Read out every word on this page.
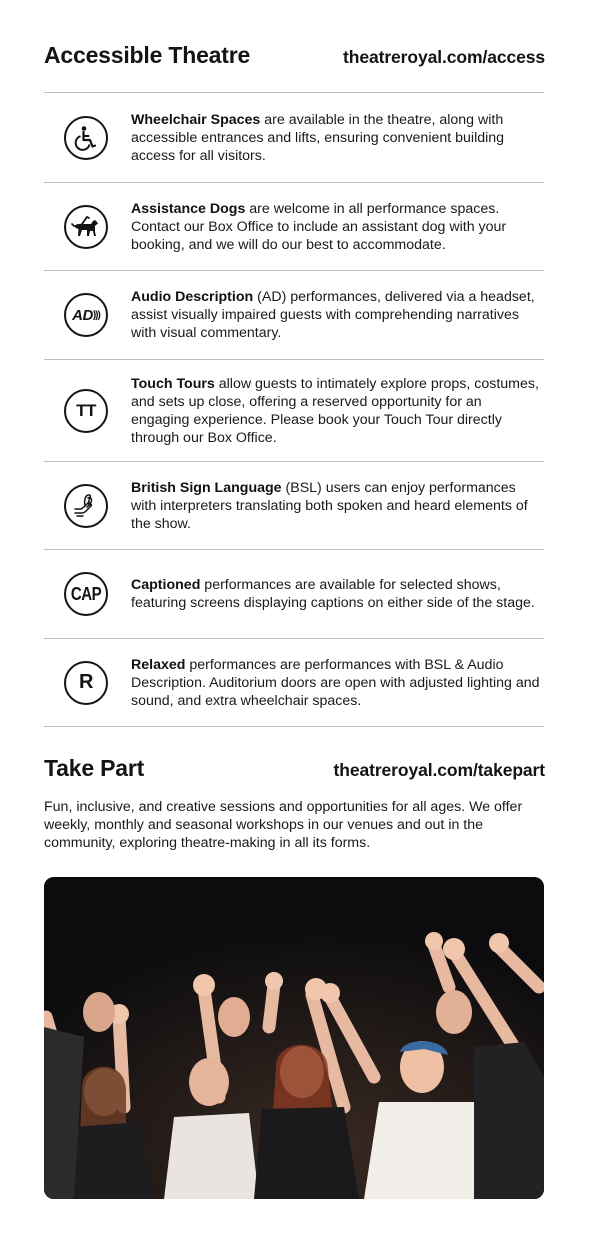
Accessible Theatre	theatreroyal.com/access
Wheelchair Spaces are available in the theatre, along with accessible entrances and lifts, ensuring convenient building access for all visitors.
Assistance Dogs are welcome in all performance spaces. Contact our Box Office to include an assistant dog with your booking, and we will do our best to accommodate.
AD )))
Audio Description (AD) performances, delivered via a headset, assist visually impaired guests with comprehending narratives with visual commentary.
TT
Touch Tours allow guests to intimately explore props, costumes, and sets up close, offering a reserved opportunity for an engaging experience. Please book your Touch Tour directly through our Box Office.
British Sign Language (BSL) users can enjoy performances with interpreters translating both spoken and heard elements of the show.
CAP Captioned performances are available for selected shows, featuring screens displaying captions on either side of the stage.
R
Relaxed performances are performances with BSL & Audio Description. Auditorium doors are open with adjusted lighting and sound, and extra wheelchair spaces.
Take Part	theatreroyal.com/takepart
Fun, inclusive, and creative sessions and opportunities for all ages. We offer weekly, monthly and seasonal workshops in our venues and out in the community, exploring theatre-making in all its forms.
